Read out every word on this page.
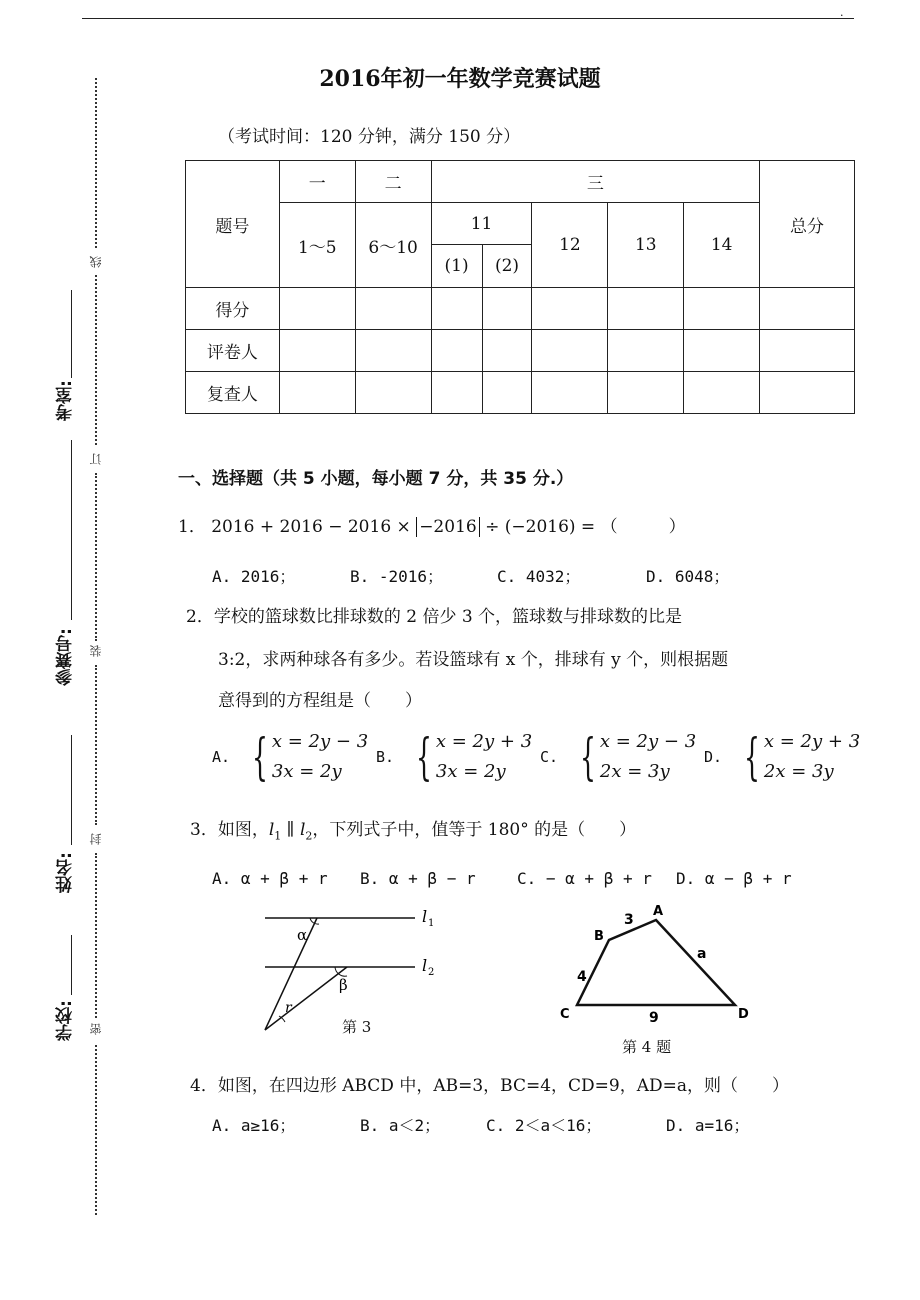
.
线
订
装
封
密
考室:
参赛号:
姓名:
学校:
2016年初一年数学竞赛试题
（考试时间：120 分钟，满分 150 分）
题号	一	二	三					总分
	1～5	6～10	11		12	13	14	
			(1)	(2)				
得分								
评卷人								
复查人								
一、选择题（共 5 小题，每小题 7 分，共 35 分.）
1． 2016 + 2016 − 2016 × −2016 ÷ (−2016) = （　　　）
A. 2016；	B. -2016；	C. 4032；	D. 6048；
2．学校的篮球数比排球数的 2 倍少 3 个，篮球数与排球数的比是
3:2，求两种球各有多少。若设篮球有 x 个，排球有 y 个，则根据题
意得到的方程组是（　　）
A. { x = 2y − 3
3x = 2y
B. { x = 2y + 3
3x = 2y
C. { x = 2y − 3
2x = 3y
D. { x = 2y + 3
2x = 3y
3．如图，$l_1$ ∥ $l_2$，下列式子中，值等于 180° 的是（　　）
A. α + β + r B. α + β − r	C. − α + β + r D. α − β + r
α
β
r
l 1
l 2
第 3
A
B
C	D
3
4
9
a
第 4 题
4．如图，在四边形 ABCD 中，AB=3，BC=4，CD=9，AD=a，则（　　）
A. a≥16；	B. a＜2；	C. 2＜a＜16；	D. a=16；
